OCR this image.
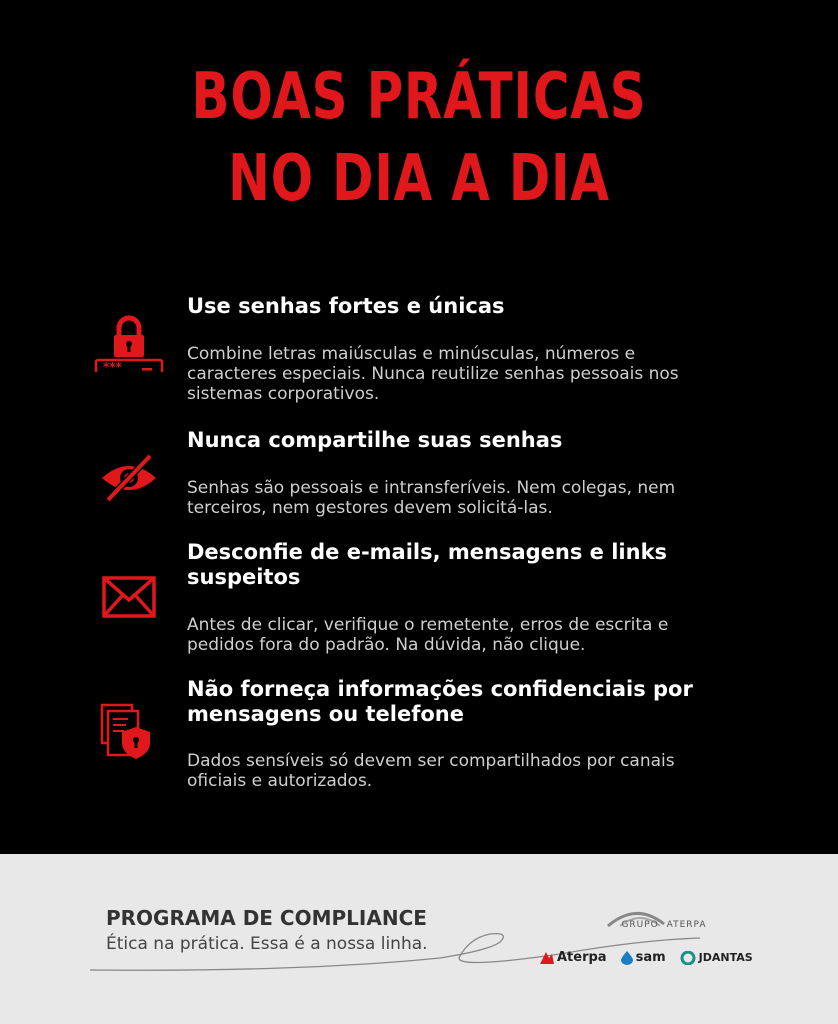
BOAS PRÁTICAS
NO DIA A DIA
***
Use senhas fortes e únicas
Combine letras maiúsculas e minúsculas, números e
caracteres especiais. Nunca reutilize senhas pessoais nos
sistemas corporativos.
Nunca compartilhe suas senhas
Senhas são pessoais e intransferíveis. Nem colegas, nem
terceiros, nem gestores devem solicitá-las.
Desconfie de e-mails, mensagens e links
suspeitos
Antes de clicar, verifique o remetente, erros de escrita e
pedidos fora do padrão. Na dúvida, não clique.
Não forneça informações confidenciais por
mensagens ou telefone
Dados sensíveis só devem ser compartilhados por canais
oficiais e autorizados.
PROGRAMA DE COMPLIANCE
Ética na prática. Essa é a nossa linha.
GRUPO ATERPA
Aterpa sam	JDANTAS
